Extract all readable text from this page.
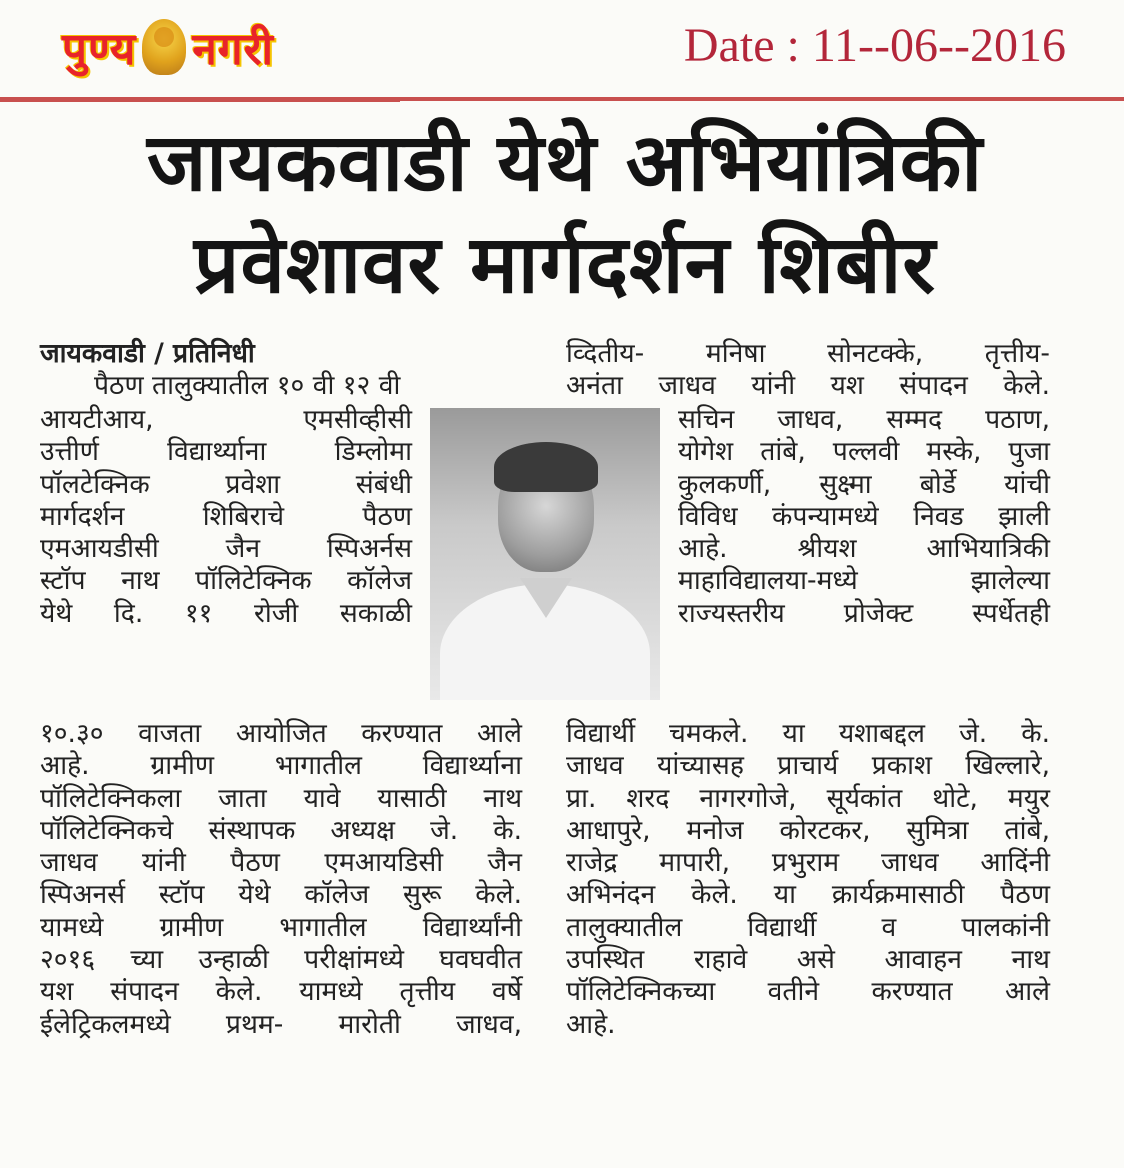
पुण्य नगरी	Date : 11--06--2016
जायकवाडी येथे अभियांत्रिकी
प्रवेशावर मार्गदर्शन शिबीर
जायकवाडी / प्रतिनिधी
पैठण तालुक्यातील १० वी १२ वी
आयटीआय, एमसीव्हीसी
उत्तीर्ण विद्यार्थ्याना डिम्लोमा
पॉलटेक्निक प्रवेशा संबंधी
मार्गदर्शन शिबिराचे पैठण
एमआयडीसी जैन स्पिअर्नस
स्टॉप नाथ पॉलिटेक्निक कॉलेज
येथे दि. ११ रोजी सकाळी
१०.३० वाजता आयोजित करण्यात आले
आहे. ग्रामीण भागातील विद्यार्थ्याना
पॉलिटेक्निकला जाता यावे यासाठी नाथ
पॉलिटेक्निकचे संस्थापक अध्यक्ष जे. के.
जाधव यांनी पैठण एमआयडिसी जैन
स्पिअनर्स स्टॉप येथे कॉलेज सुरू केले.
यामध्ये ग्रामीण भागातील विद्यार्थ्यांनी
२०१६ च्या उन्हाळी परीक्षांमध्ये घवघवीत
यश संपादन केले. यामध्ये तृत्तीय वर्षे
ईलेट्रिकलमध्ये प्रथम- मारोती जाधव,
व्दितीय- मनिषा सोनटक्के, तृत्तीय-
अनंता जाधव यांनी यश संपादन केले.
सचिन जाधव, सम्मद पठाण,
योगेश तांबे, पल्लवी मस्के, पुजा
कुलकर्णी, सुक्ष्मा बोर्डे यांची
विविध कंपन्यामध्ये निवड झाली
आहे. श्रीयश आभियात्रिकी
माहाविद्यालया-मध्ये झालेल्या
राज्यस्तरीय प्रोजेक्ट स्पर्धेतही
विद्यार्थी चमकले. या यशाबद्दल जे. के.
जाधव यांच्यासह प्राचार्य प्रकाश खिल्लारे,
प्रा. शरद नागरगोजे, सूर्यकांत थोटे, मयुर
आधापुरे, मनोज कोरटकर, सुमित्रा तांबे,
राजेद्र मापारी, प्रभुराम जाधव आदिंनी
अभिनंदन केले. या क्रार्यक्रमासाठी पैठण
तालुक्यातील विद्यार्थी व पालकांनी
उपस्थित राहावे असे आवाहन नाथ
पॉलिटेक्निकच्या वतीने करण्यात आले
आहे.
